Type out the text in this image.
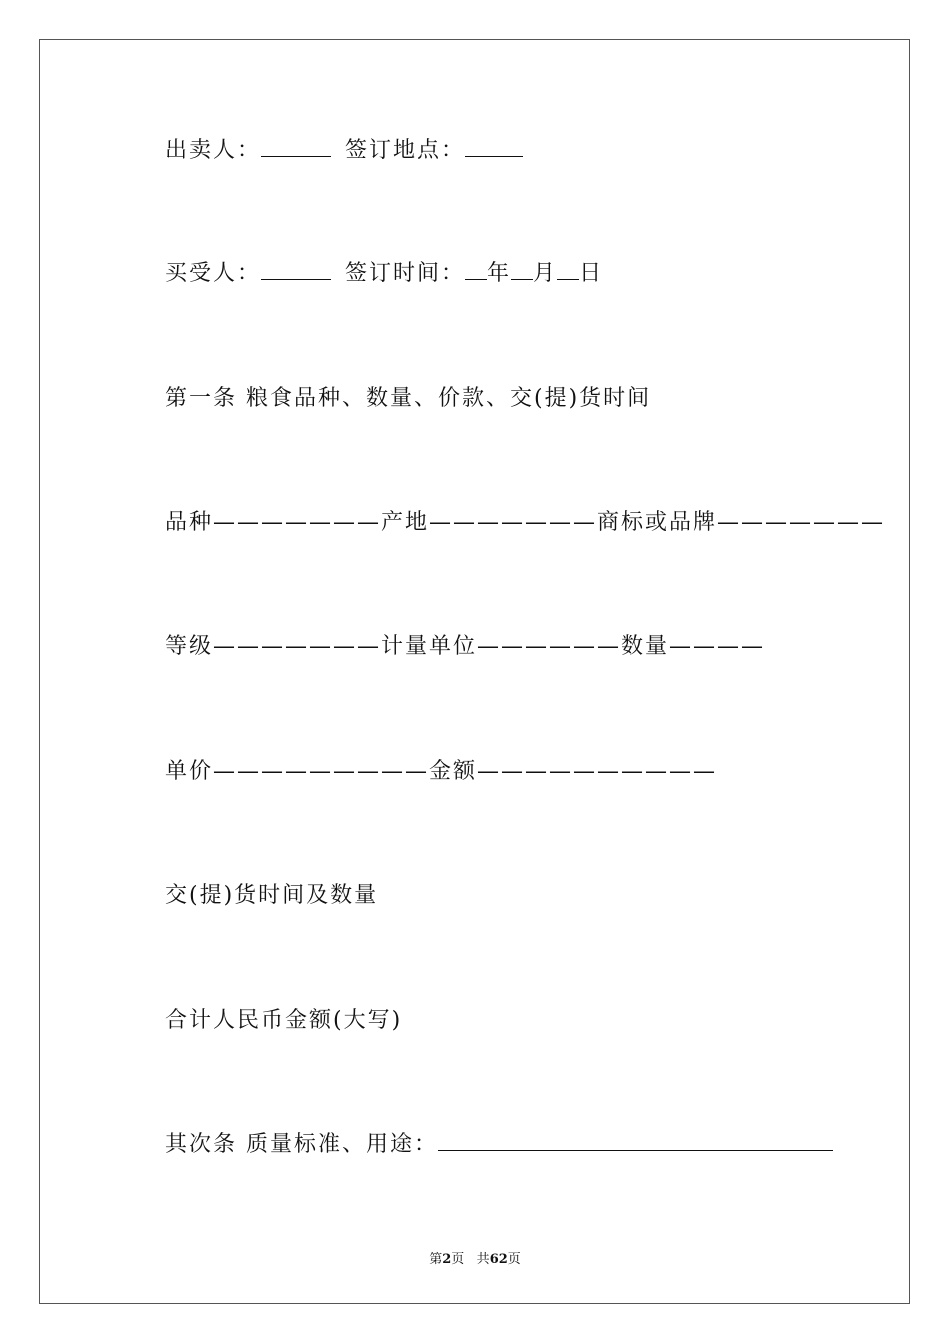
出卖人：	签订地点：
买受人：	签订时间： 年 月 日
第一条 粮食品种、数量、价款、交(提)货时间
品种———————产地———————商标或品牌———————
等级———————计量单位——————数量————
单价—————————金额——————————
交(提)货时间及数量
合计人民币金额(大写)
其次条 质量标准、用途：
第2页 共62页
